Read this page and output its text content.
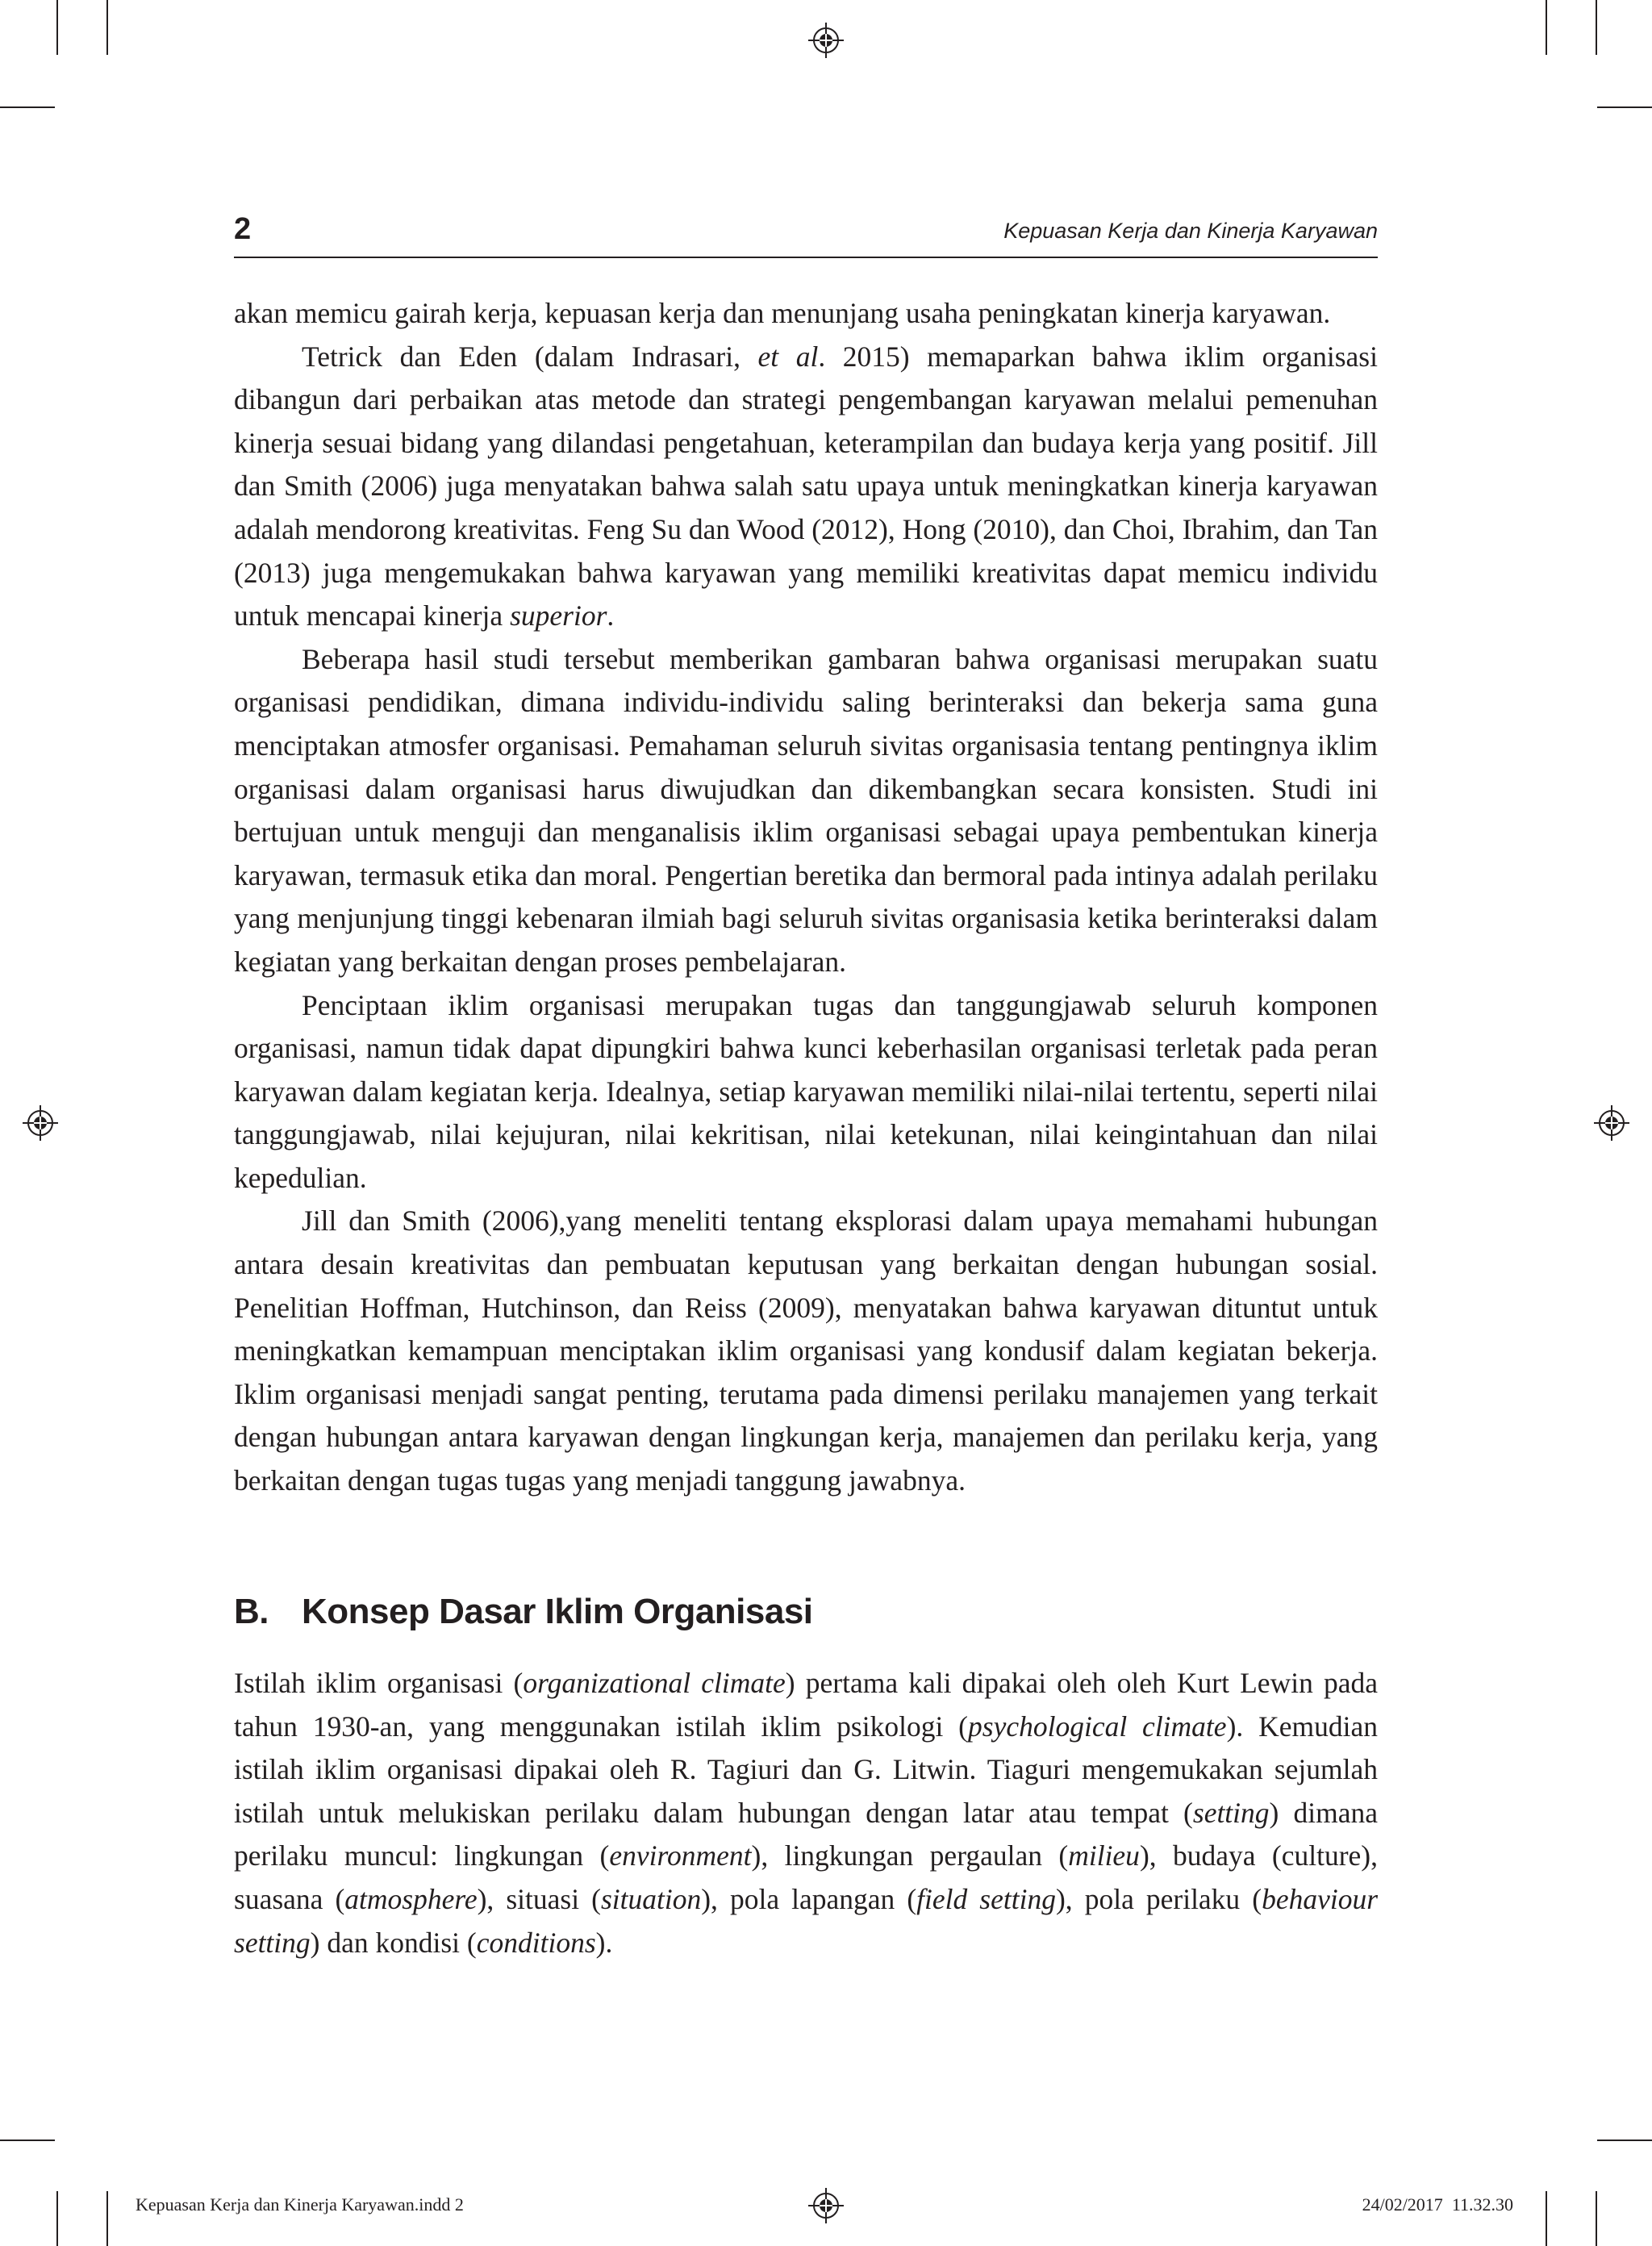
2	Kepuasan Kerja dan Kinerja Karyawan

akan memicu gairah kerja, kepuasan kerja dan menunjang usaha peningkatan kinerja karyawan.

Tetrick dan Eden (dalam Indrasari, et al. 2015) memaparkan bahwa iklim organisasi dibangun dari perbaikan atas metode dan strategi pengembangan karyawan melalui pemenuhan kinerja sesuai bidang yang dilandasi pengetahuan, keterampilan dan budaya kerja yang positif. Jill dan Smith (2006) juga menyatakan bahwa salah satu upaya untuk meningkatkan kinerja karyawan adalah mendorong kreativitas. Feng Su dan Wood (2012), Hong (2010), dan Choi, Ibrahim, dan Tan (2013) juga mengemukakan bahwa karyawan yang memiliki kreativitas dapat memicu individu untuk mencapai kinerja superior.

Beberapa hasil studi tersebut memberikan gambaran bahwa organisasi merupakan suatu organisasi pendidikan, dimana individu-individu saling berinteraksi dan bekerja sama guna menciptakan atmosfer organisasi. Pemahaman seluruh sivitas organisasia tentang pentingnya iklim organisasi dalam organisasi harus diwujudkan dan dikembangkan secara konsisten. Studi ini bertujuan untuk menguji dan menganalisis iklim organisasi sebagai upaya pembentukan kinerja karyawan, termasuk etika dan moral. Pengertian beretika dan bermoral pada intinya adalah perilaku yang menjunjung tinggi kebenaran ilmiah bagi seluruh sivitas organisasia ketika berinteraksi dalam kegiatan yang berkaitan dengan proses pembelajaran.

Penciptaan iklim organisasi merupakan tugas dan tanggungjawab seluruh komponen organisasi, namun tidak dapat dipungkiri bahwa kunci keberhasilan organisasi terletak pada peran karyawan dalam kegiatan kerja. Idealnya, setiap karyawan memiliki nilai-nilai tertentu, seperti nilai tanggungjawab, nilai kejujuran, nilai kekritisan, nilai ketekunan, nilai keingintahuan dan nilai kepedulian.

Jill dan Smith (2006),yang meneliti tentang eksplorasi dalam upaya memahami hubungan antara desain kreativitas dan pembuatan keputusan yang berkaitan dengan hubungan sosial. Penelitian Hoffman, Hutchinson, dan Reiss (2009), menyatakan bahwa karyawan dituntut untuk meningkatkan kemampuan menciptakan iklim organisasi yang kondusif dalam kegiatan bekerja. Iklim organisasi menjadi sangat penting, terutama pada dimensi perilaku manajemen yang terkait dengan hubungan antara karyawan dengan lingkungan kerja, manajemen dan perilaku kerja, yang berkaitan dengan tugas tugas yang menjadi tanggung jawabnya.

B. Konsep Dasar Iklim Organisasi

Istilah iklim organisasi (organizational climate) pertama kali dipakai oleh oleh Kurt Lewin pada tahun 1930-an, yang menggunakan istilah iklim psikologi (psychological climate). Kemudian istilah iklim organisasi dipakai oleh R. Tagiuri dan G. Litwin. Tiaguri mengemukakan sejumlah istilah untuk melukiskan perilaku dalam hubungan dengan latar atau tempat (setting) dimana perilaku muncul: lingkungan (environment), lingkungan pergaulan (milieu), budaya (culture), suasana (atmosphere), situasi (situation), pola lapangan (field setting), pola perilaku (behaviour setting) dan kondisi (conditions).

Kepuasan Kerja dan Kinerja Karyawan.indd 2	24/02/2017 11.32.30
